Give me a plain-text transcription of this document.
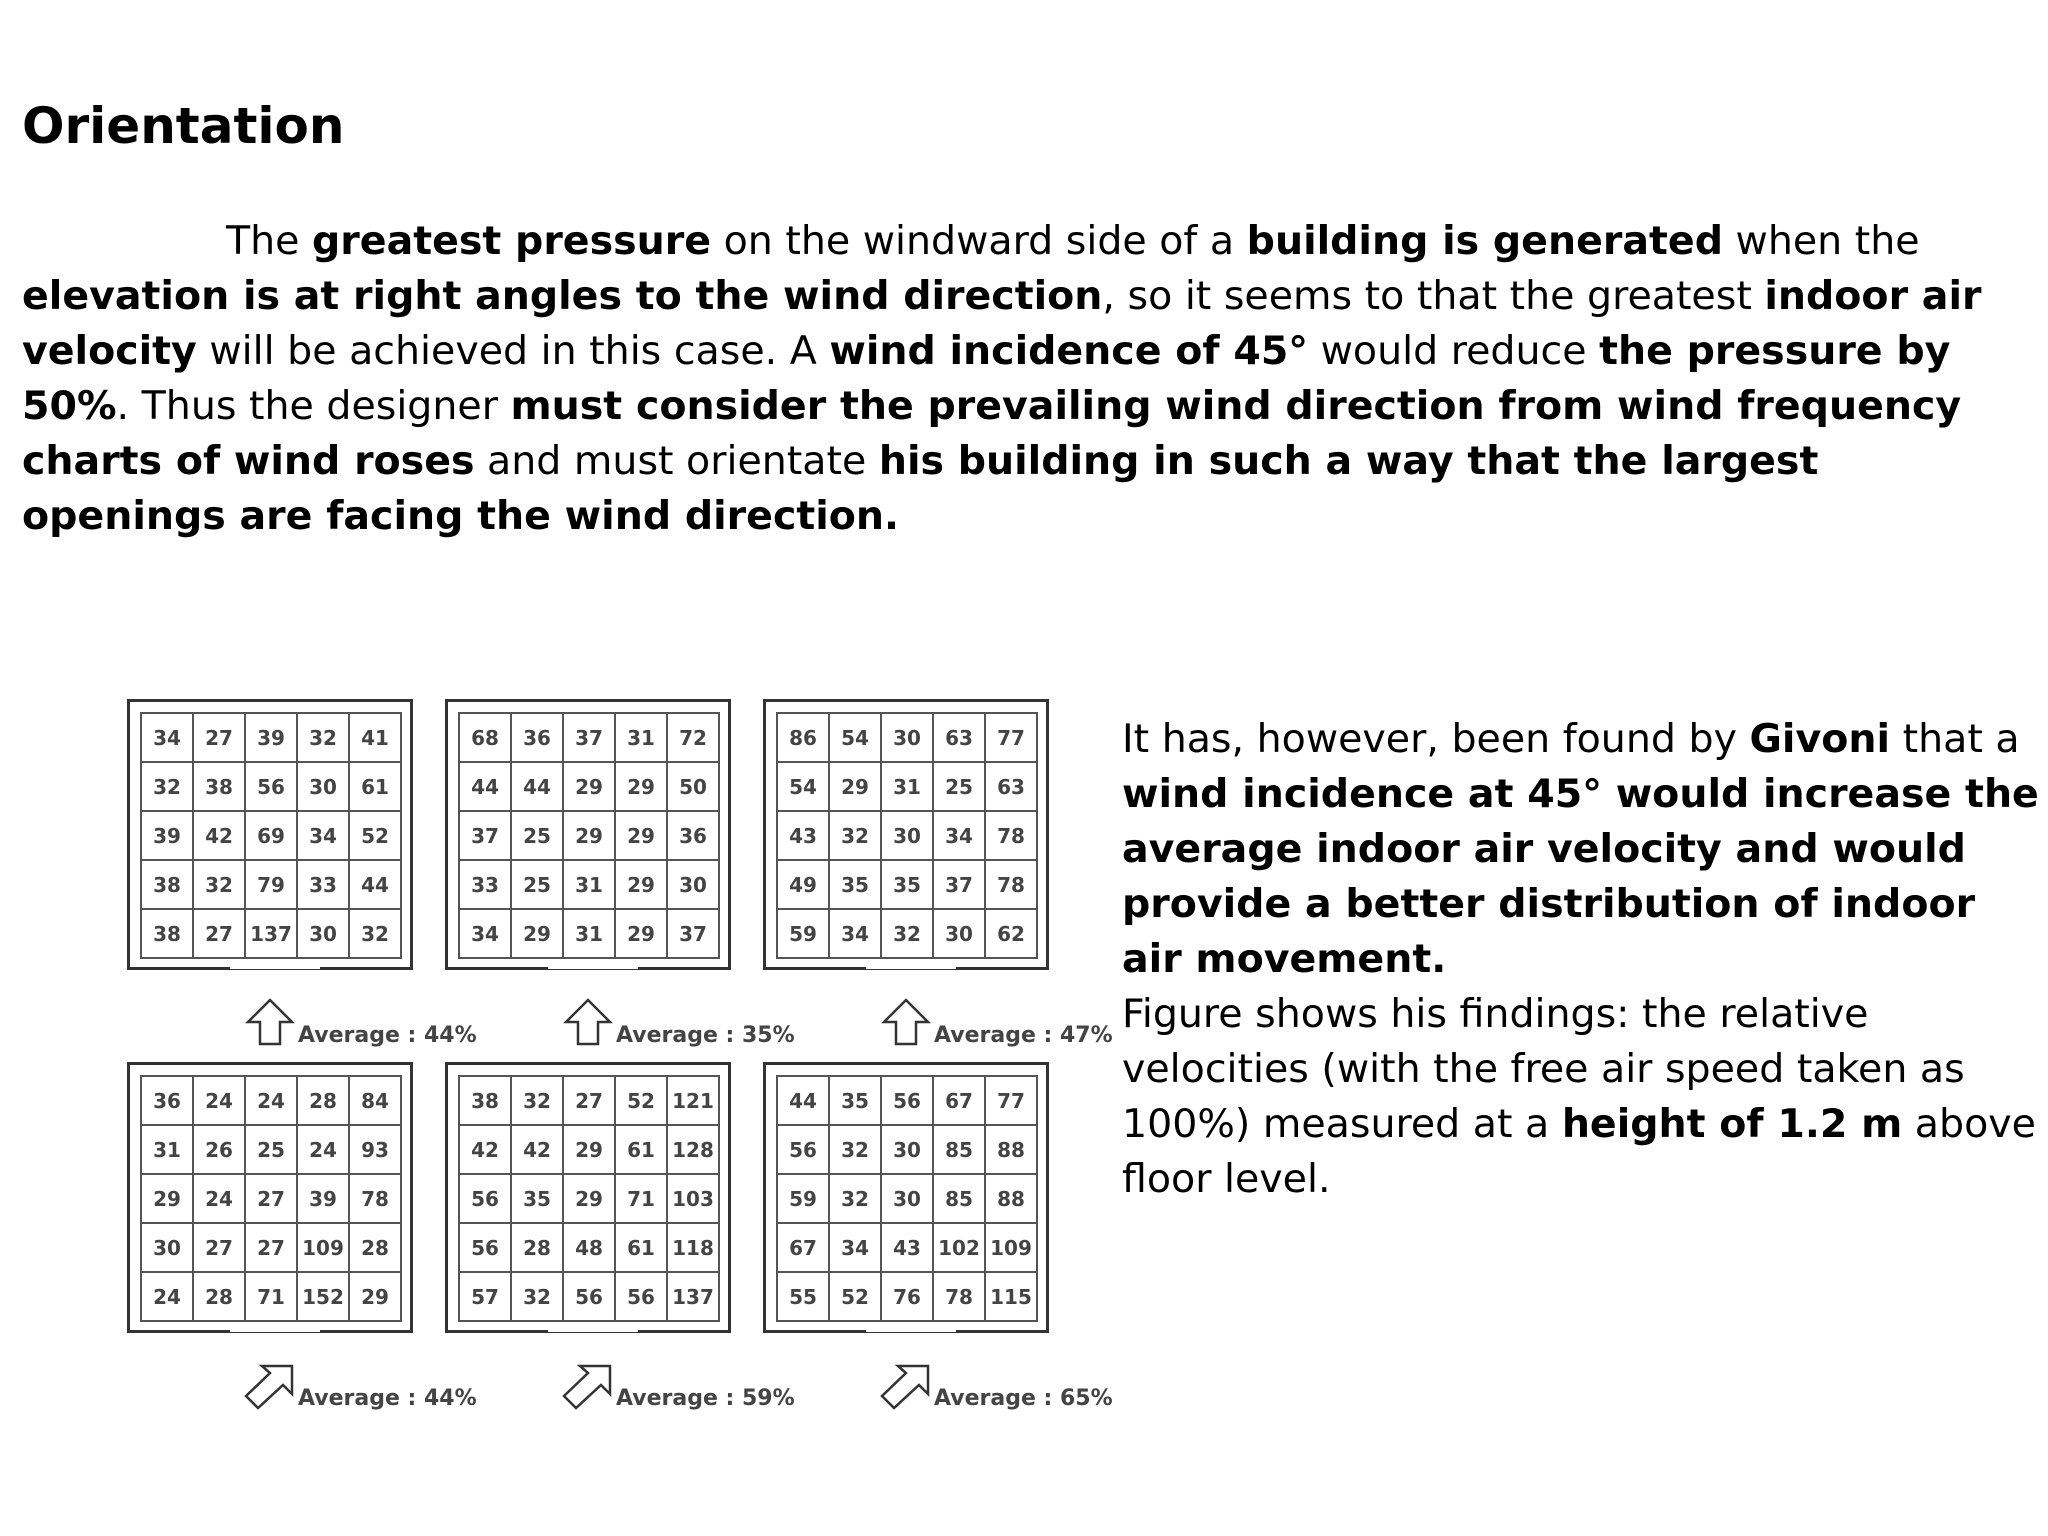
Orientation
The greatest pressure on the windward side of a building is generated when the elevation is at right angles to the wind direction, so it seems to that the greatest indoor air velocity will be achieved in this case. A wind incidence of 45° would reduce the pressure by 50%. Thus the designer must consider the prevailing wind direction from wind frequency charts of wind roses and must orientate his building in such a way that the largest openings are facing the wind direction.
It has, however, been found by Givoni that a wind incidence at 45° would increase the average indoor air velocity and would provide a better distribution of indoor air movement.
Figure shows his findings: the relative velocities (with the free air speed taken as 100%) measured at a height of 1.2 m above floor level.
34	27	39	32	41
32	38	56	30	61
39	42	69	34	52
38	32	79	33	44
38	27	137	30	32
Average : 44%
68	36	37	31	72
44	44	29	29	50
37	25	29	29	36
33	25	31	29	30
34	29	31	29	37
Average : 35%
86	54	30	63	77
54	29	31	25	63
43	32	30	34	78
49	35	35	37	78
59	34	32	30	62
Average : 47%
36	24	24	28	84
31	26	25	24	93
29	24	27	39	78
30	27	27	109	28
24	28	71	152	29
Average : 44%
38	32	27	52	121
42	42	29	61	128
56	35	29	71	103
56	28	48	61	118
57	32	56	56	137
Average : 59%
44	35	56	67	77
56	32	30	85	88
59	32	30	85	88
67	34	43	102	109
55	52	76	78	115
Average : 65%
